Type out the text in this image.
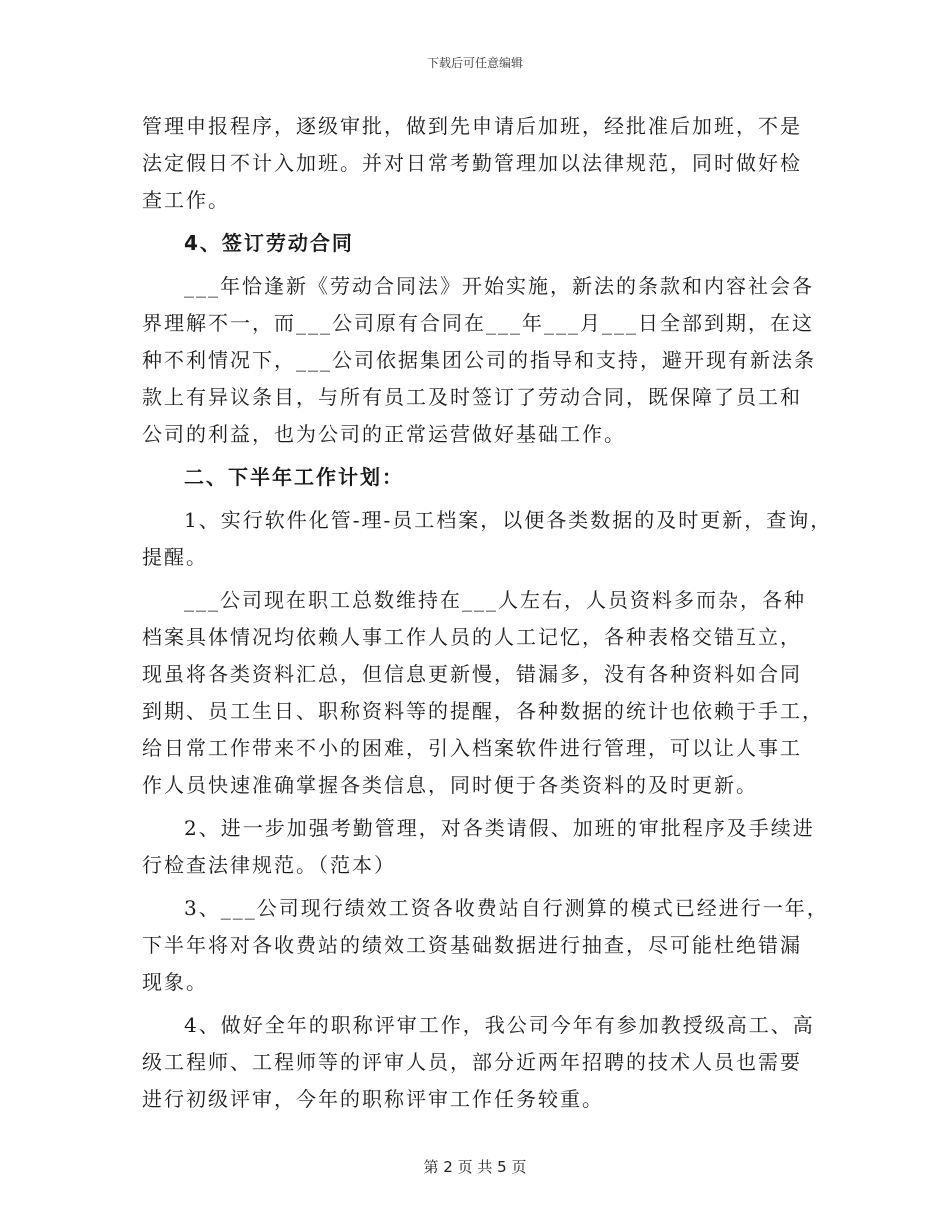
下载后可任意编辑
管理申报程序，逐级审批，做到先申请后加班，经批准后加班，不是
法定假日不计入加班。并对日常考勤管理加以法律规范，同时做好检
查工作。
4、签订劳动合同
___年恰逢新《劳动合同法》开始实施，新法的条款和内容社会各
界理解不一，而___公司原有合同在___年___月___日全部到期，在这
种不利情况下，___公司依据集团公司的指导和支持，避开现有新法条
款上有异议条目，与所有员工及时签订了劳动合同，既保障了员工和
公司的利益，也为公司的正常运营做好基础工作。
二、下半年工作计划：
1、实行软件化管-理-员工档案，以便各类数据的及时更新，查询，
提醒。
___公司现在职工总数维持在___人左右，人员资料多而杂，各种
档案具体情况均依赖人事工作人员的人工记忆，各种表格交错互立，
现虽将各类资料汇总，但信息更新慢，错漏多，没有各种资料如合同
到期、员工生日、职称资料等的提醒，各种数据的统计也依赖于手工，
给日常工作带来不小的困难，引入档案软件进行管理，可以让人事工
作人员快速准确掌握各类信息，同时便于各类资料的及时更新。
2、进一步加强考勤管理，对各类请假、加班的审批程序及手续进
行检查法律规范。（范本）
3、___公司现行绩效工资各收费站自行测算的模式已经进行一年，
下半年将对各收费站的绩效工资基础数据进行抽查，尽可能杜绝错漏
现象。
4、做好全年的职称评审工作，我公司今年有参加教授级高工、高
级工程师、工程师等的评审人员，部分近两年招聘的技术人员也需要
进行初级评审，今年的职称评审工作任务较重。
第 2 页 共 5 页
